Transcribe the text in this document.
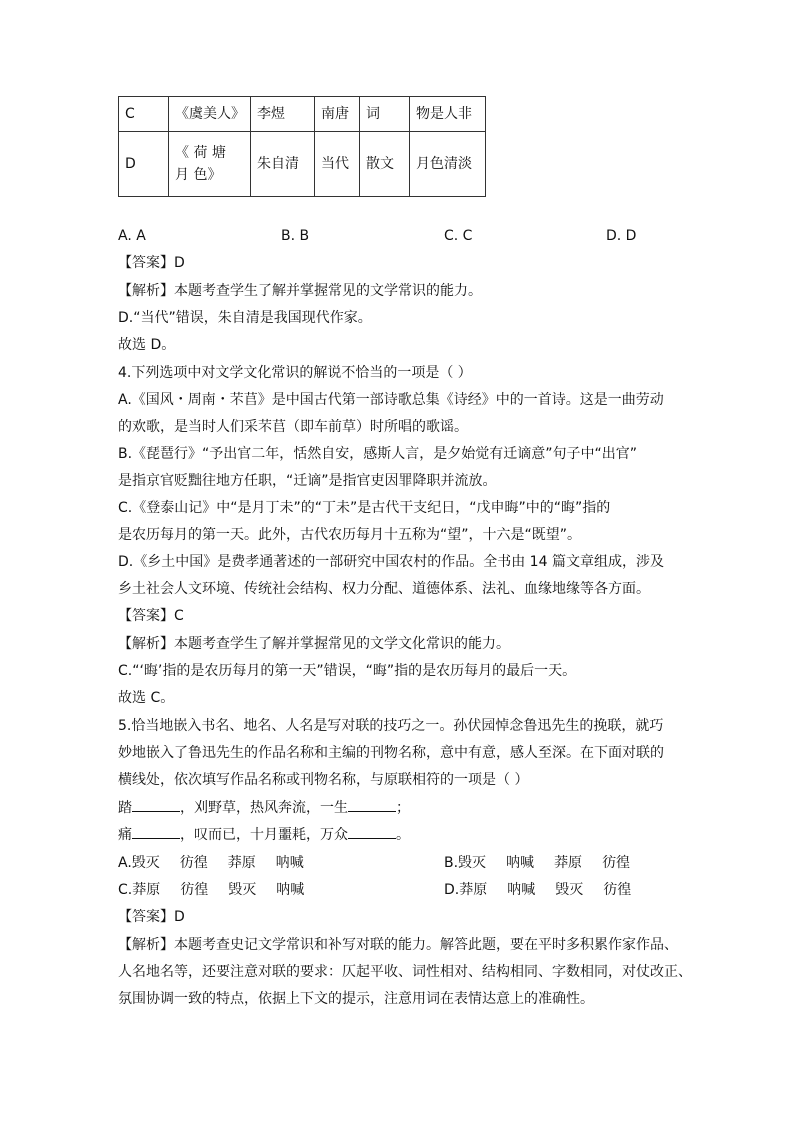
C	《虞美人》	李煜	南唐	词	物是人非
D	《 荷 塘 月 色》	朱自清	当代	散文	月色清淡
A. A	B. B	C. C	D. D
【答案】D
【解析】本题考查学生了解并掌握常见的文学常识的能力。
D.“当代”错误，朱自清是我国现代作家。
故选 D。
4.下列选项中对文学文化常识的解说不恰当的一项是（ ）
A.《国风・周南・芣苢》是中国古代第一部诗歌总集《诗经》中的一首诗。这是一曲劳动
的欢歌，是当时人们采芣苢（即车前草）时所唱的歌谣。
B.《琵琶行》“予出官二年，恬然自安，感斯人言，是夕始觉有迁谪意”句子中“出官”
是指京官贬黜往地方任职，“迁谪”是指官吏因罪降职并流放。
C.《登泰山记》中“是月丁未”的“丁未”是古代干支纪日，“戊申晦”中的“晦”指的
是农历每月的第一天。此外，古代农历每月十五称为“望”，十六是“既望”。
D.《乡土中国》是费孝通著述的一部研究中国农村的作品。全书由 14 篇文章组成，涉及
乡土社会人文环境、传统社会结构、权力分配、道德体系、法礼、血缘地缘等各方面。
【答案】C
【解析】本题考查学生了解并掌握常见的文学文化常识的能力。
C.“‘晦’指的是农历每月的第一天”错误，“晦”指的是农历每月的最后一天。
故选 C。
5.恰当地嵌入书名、地名、人名是写对联的技巧之一。孙伏园悼念鲁迅先生的挽联，就巧
妙地嵌入了鲁迅先生的作品名称和主编的刊物名称，意中有意，感人至深。在下面对联的
横线处，依次填写作品名称或刊物名称，与原联相符的一项是（ ）
踏	，刈野草，热风奔流，一生	；
痛	，叹而已，十月噩耗，万众	。
A.毁灭 彷徨 莽原 呐喊	B.毁灭 呐喊 莽原 彷徨
C.莽原 彷徨 毁灭 呐喊	D.莽原 呐喊 毁灭 彷徨
【答案】D
【解析】本题考查史记文学常识和补写对联的能力。解答此题，要在平时多积累作家作品、
人名地名等，还要注意对联的要求：仄起平收、词性相对、结构相同、字数相同，对仗改正、
氛围协调一致的特点，依据上下文的提示，注意用词在表情达意上的准确性。
